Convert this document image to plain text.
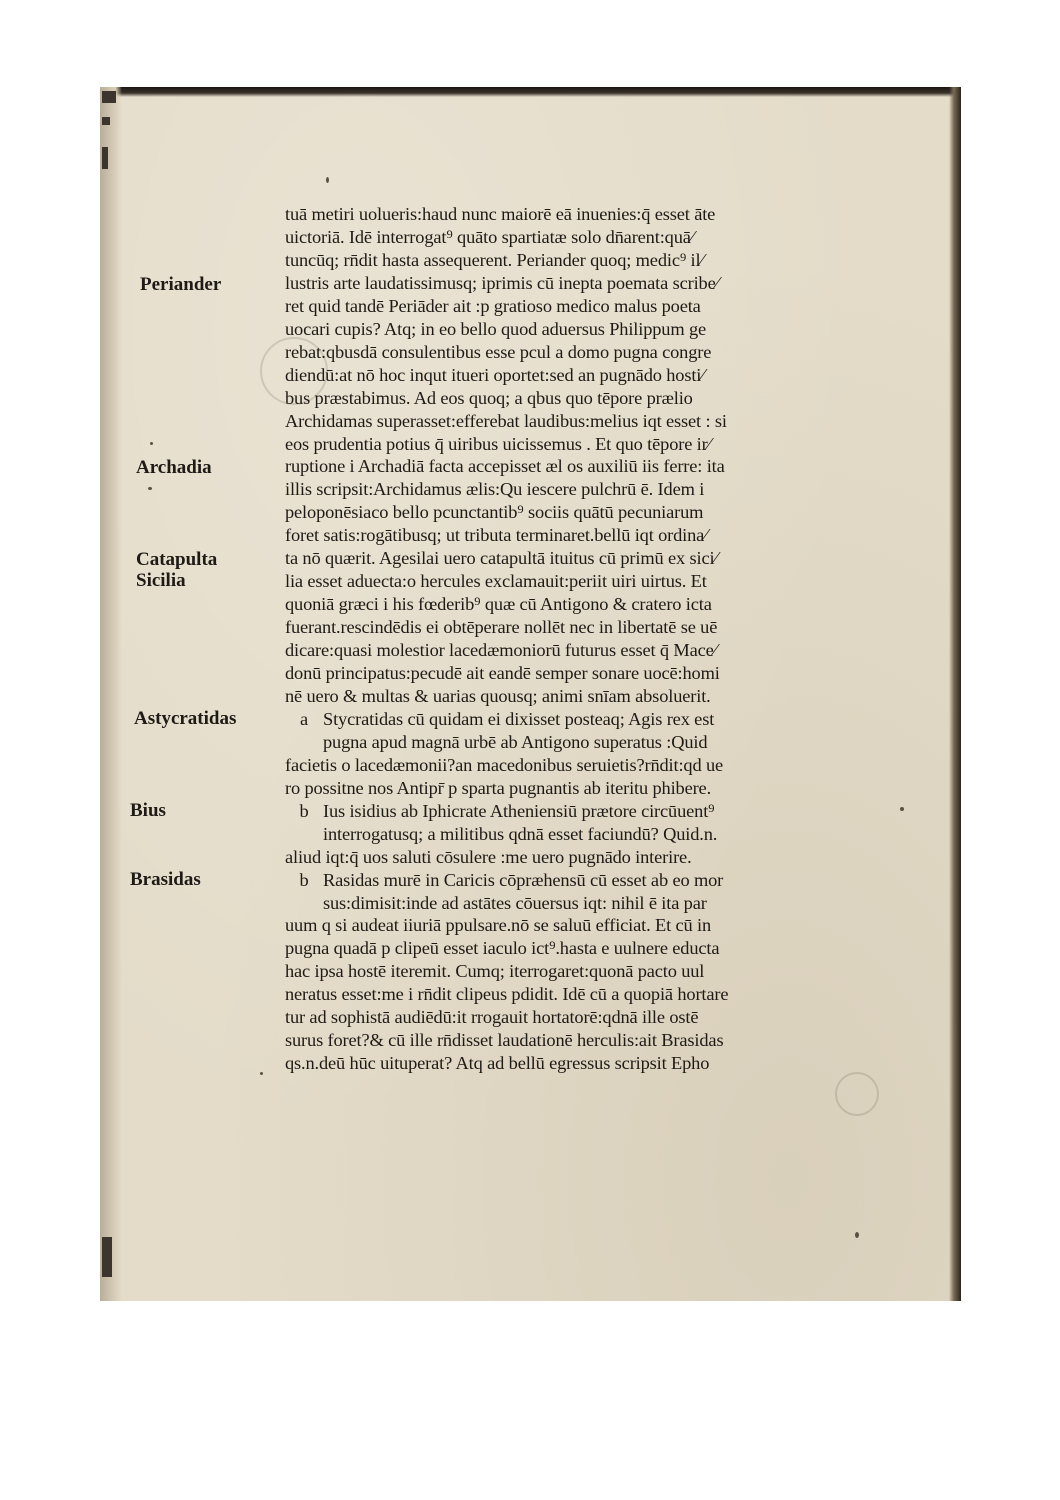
Periander
Archadia
Catapulta
Sicilia
Astycratidas
Bius
Brasidas
tuā metiri uolueris:haud nunc maiorē eā inuenies:q̄ esset āte
uictoriā. Idē interrogat⁹ quāto spartiatæ solo dn̄arent:quā⁄
tuncūq; rn̄dit hasta assequerent. Periander quoq; medic⁹ il⁄
lustris arte laudatissimusq; iprimis cū inepta poemata scribe⁄
ret quid tandē Periāder ait :p gratioso medico malus poeta
uocari cupis? Atq; in eo bello quod aduersus Philippum ge
rebat:qbusdā consulentibus esse pcul a domo pugna congre
diendū:at nō hoc inqut itueri oportet:sed an pugnādo hosti⁄
bus præstabimus. Ad eos quoq; a qbus quo tēpore prælio
Archidamas superasset:efferebat laudibus:melius iqt esset : si
eos prudentia potius q̄ uiribus uicissemus . Et quo tēpore ir⁄
ruptione i Archadiā facta accepisset æl os auxiliū iis ferre: ita
illis scripsit:Archidamus ælis:Qu iescere pulchrū ē. Idem i
peloponēsiaco bello pcunctantib⁹ sociis quātū pecuniarum
foret satis:rogātibusq; ut tributa terminaret.bellū iqt ordina⁄
ta nō quærit. Agesilai uero catapultā ituitus cū primū ex sici⁄
lia esset aduecta:o hercules exclamauit:periit uiri uirtus. Et
quoniā græci i his fœderib⁹ quæ cū Antigono & cratero icta
fuerant.rescindēdis ei obtēperare nollēt nec in libertatē se uē
dicare:quasi molestior lacedæmoniorū futurus esset q̄ Mace⁄
donū principatus:pecudē ait eandē semper sonare uocē:homi
nē uero & multas & uarias quousq; animi snīam absoluerit.
a Stycratidas cū quidam ei dixisset posteaq; Agis rex est
pugna apud magnā urbē ab Antigono superatus :Quid
facietis o lacedæmonii?an macedonibus seruietis?rn̄dit:qd ue
ro possitne nos Antipr̄ p sparta pugnantis ab iteritu phibere.
b Ius isidius ab Iphicrate Atheniensiū prætore circūuent⁹
interrogatusq; a militibus qdnā esset faciundū? Quid.n.
aliud iqt:q̄ uos saluti cōsulere :me uero pugnādo interire.
b Rasidas murē in Caricis cōpræhensū cū esset ab eo mor
sus:dimisit:inde ad astātes cōuersus iqt: nihil ē ita par
uum q si audeat iiuriā ppulsare.nō se saluū efficiat. Et cū in
pugna quadā p clipeū esset iaculo ict⁹.hasta e uulnere educta
hac ipsa hostē iteremit. Cumq; iterrogaret:quonā pacto uul
neratus esset:me i rn̄dit clipeus pdidit. Idē cū a quopiā hortare
tur ad sophistā audiēdū:it rrogauit hortatorē:qdnā ille ostē
surus foret?& cū ille rn̄disset laudationē herculis:ait Brasidas
qs.n.deū hūc uituperat? Atq ad bellū egressus scripsit Epho
